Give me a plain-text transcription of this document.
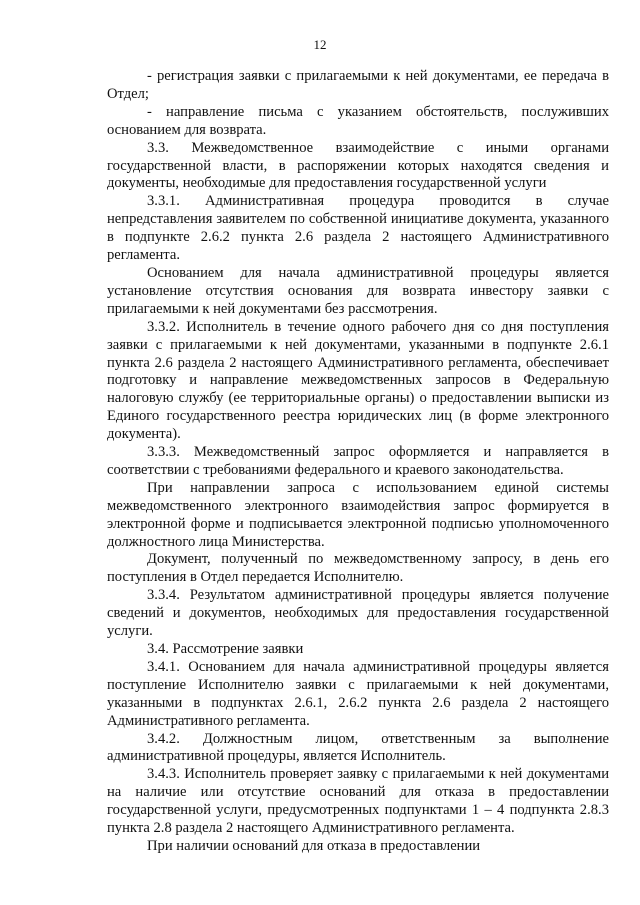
12

- регистрация заявки с прилагаемыми к ней документами, ее передача в Отдел;

- направление письма с указанием обстоятельств, послуживших основанием для возврата.

3.3. Межведомственное взаимодействие с иными органами государственной власти, в распоряжении которых находятся сведения и документы, необходимые для предоставления государственной услуги

3.3.1. Административная процедура проводится в случае непредставления заявителем по собственной инициативе документа, указанного в подпункте 2.6.2 пункта 2.6 раздела 2 настоящего Административного регламента.

Основанием для начала административной процедуры является установление отсутствия основания для возврата инвестору заявки с прилагаемыми к ней документами без рассмотрения.

3.3.2. Исполнитель в течение одного рабочего дня со дня поступления заявки с прилагаемыми к ней документами, указанными в подпункте 2.6.1 пункта 2.6 раздела 2 настоящего Административного регламента, обеспечивает подготовку и направление межведомственных запросов в Федеральную налоговую службу (ее территориальные органы) о предоставлении выписки из Единого государственного реестра юридических лиц (в форме электронного документа).

3.3.3. Межведомственный запрос оформляется и направляется в соответствии с требованиями федерального и краевого законодательства.

При направлении запроса с использованием единой системы межведомственного электронного взаимодействия запрос формируется в электронной форме и подписывается электронной подписью уполномоченного должностного лица Министерства.

Документ, полученный по межведомственному запросу, в день его поступления в Отдел передается Исполнителю.

3.3.4. Результатом административной процедуры является получение сведений и документов, необходимых для предоставления государственной услуги.

3.4. Рассмотрение заявки

3.4.1. Основанием для начала административной процедуры является поступление Исполнителю заявки с прилагаемыми к ней документами, указанными в подпунктах 2.6.1, 2.6.2 пункта 2.6 раздела 2 настоящего Административного регламента.

3.4.2. Должностным лицом, ответственным за выполнение административной процедуры, является Исполнитель.

3.4.3. Исполнитель проверяет заявку с прилагаемыми к ней документами на наличие или отсутствие оснований для отказа в предоставлении государственной услуги, предусмотренных подпунктами 1 – 4 подпункта 2.8.3 пункта 2.8 раздела 2 настоящего Административного регламента.

При наличии оснований для отказа в предоставлении
